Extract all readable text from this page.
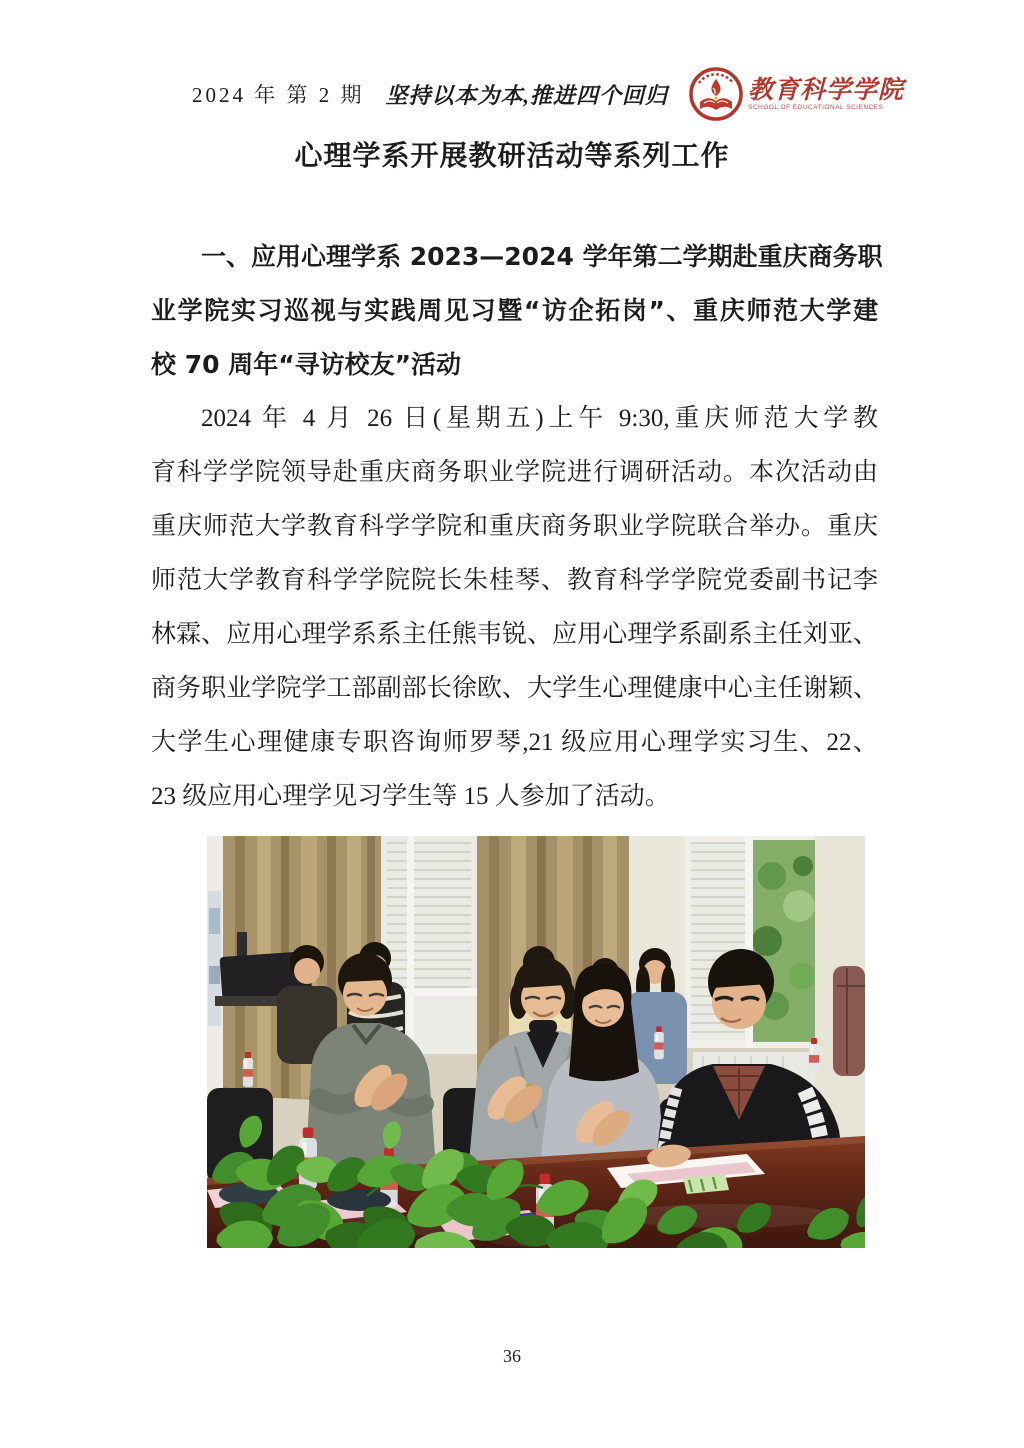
2024 年 第 2 期 坚持以本为本,推进四个回归	教育科学学院
SCHOOL OF EDUCATIONAL SCIENCES
心理学系开展教研活动等系列工作
一、应用心理学系 2023—2024 学年第二学期赴重庆商务职
业学院实习巡视与实践周见习暨“访企拓岗”、重庆师范大学建
校 70 周年“寻访校友”活动
2024 年 4 月 26 日(星期五)上午 9:30,重庆师范大学教
育科学学院领导赴重庆商务职业学院进行调研活动。本次活动由
重庆师范大学教育科学学院和重庆商务职业学院联合举办。重庆
师范大学教育科学学院院长朱桂琴、教育科学学院党委副书记李
林霖、应用心理学系系主任熊韦锐、应用心理学系副系主任刘亚、
商务职业学院学工部副部长徐欧、大学生心理健康中心主任谢颖、
大学生心理健康专职咨询师罗琴,21 级应用心理学实习生、22、
23 级应用心理学见习学生等 15 人参加了活动。
36
